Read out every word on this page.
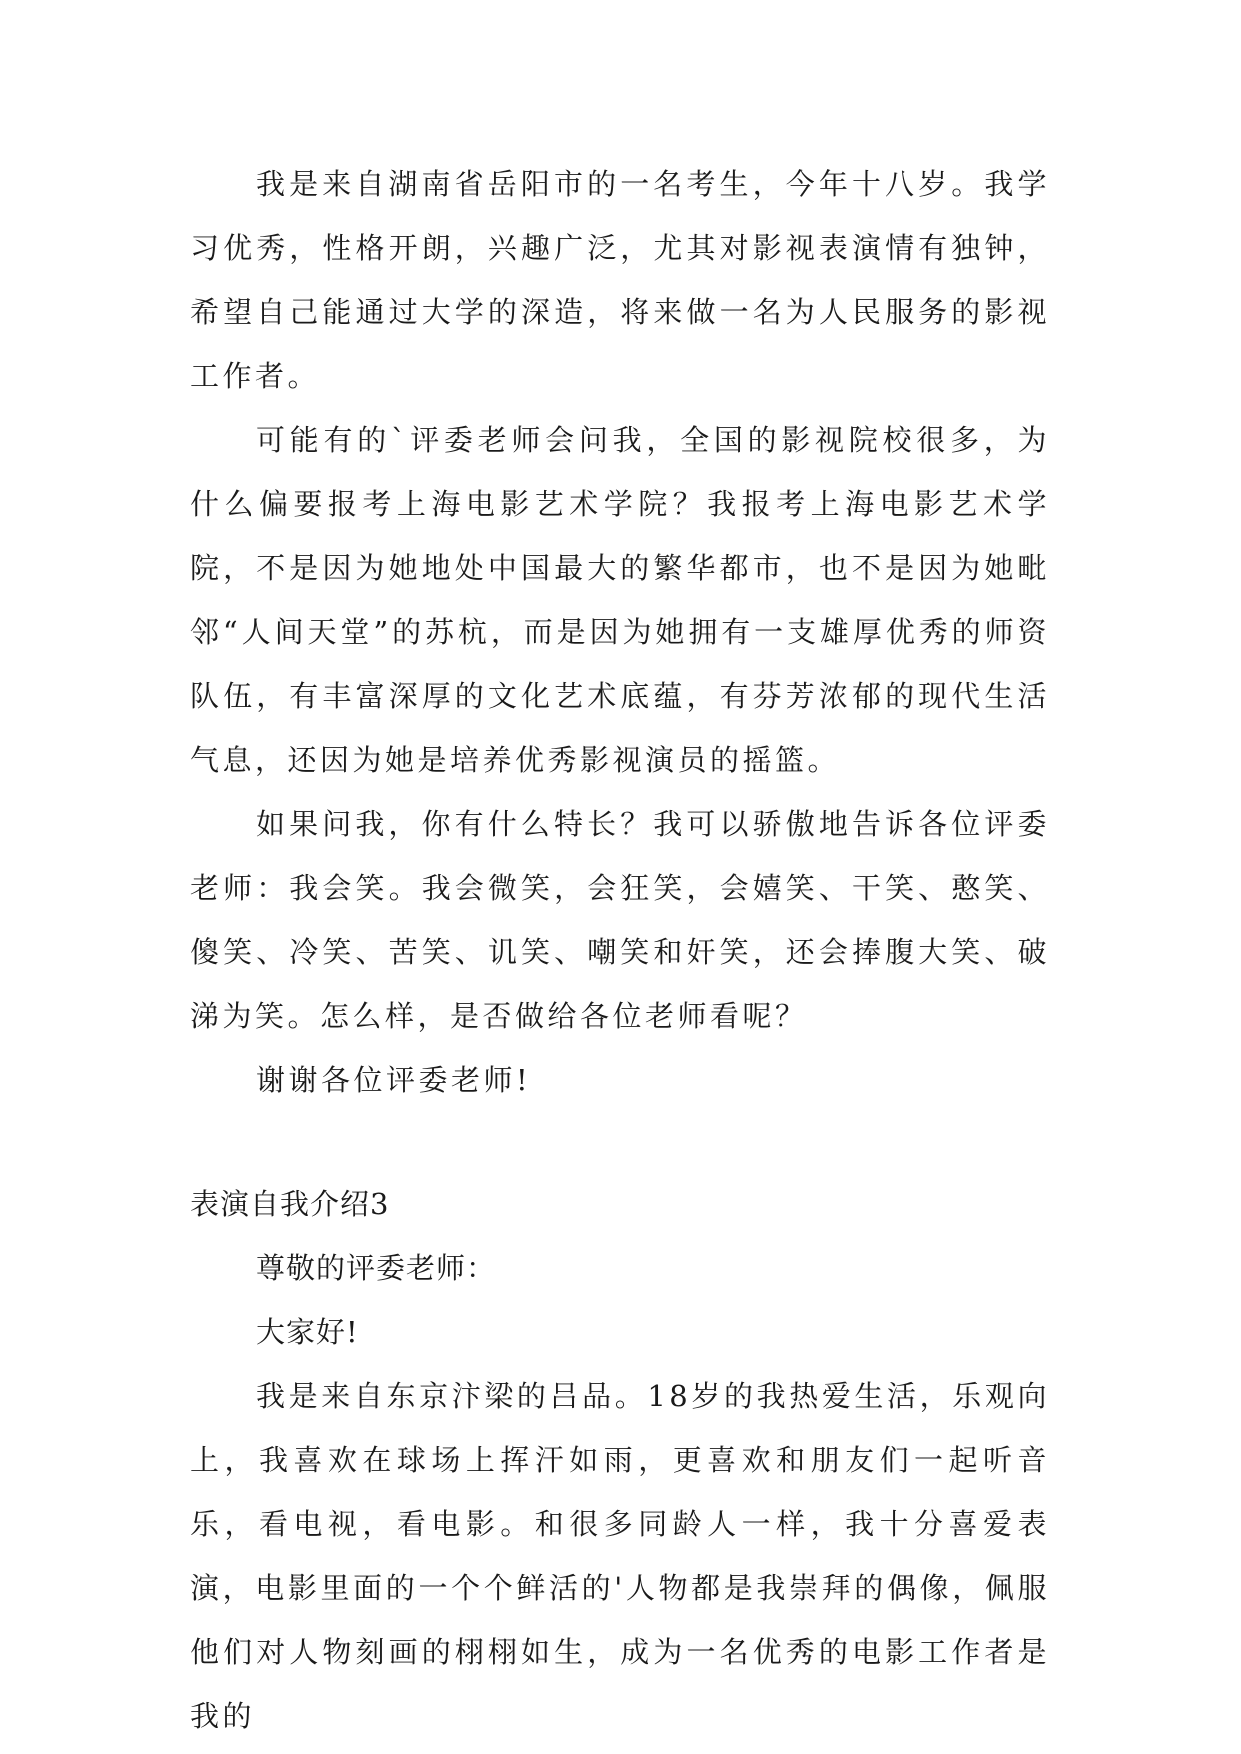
我是来自湖南省岳阳市的一名考生，今年十八岁。我学习优秀，性格开朗，兴趣广泛，尤其对影视表演情有独钟，希望自己能通过大学的深造，将来做一名为人民服务的影视工作者。

可能有的`评委老师会问我，全国的影视院校很多，为什么偏要报考上海电影艺术学院？我报考上海电影艺术学院，不是因为她地处中国最大的繁华都市，也不是因为她毗邻“人间天堂”的苏杭，而是因为她拥有一支雄厚优秀的师资队伍，有丰富深厚的文化艺术底蕴，有芬芳浓郁的现代生活气息，还因为她是培养优秀影视演员的摇篮。

如果问我，你有什么特长？我可以骄傲地告诉各位评委老师：我会笑。我会微笑，会狂笑，会嬉笑、干笑、憨笑、傻笑、冷笑、苦笑、讥笑、嘲笑和奸笑，还会捧腹大笑、破涕为笑。怎么样，是否做给各位老师看呢？

谢谢各位评委老师!

表演自我介绍3

尊敬的评委老师：

大家好!

我是来自东京汴梁的吕品。18岁的我热爱生活，乐观向上，我喜欢在球场上挥汗如雨，更喜欢和朋友们一起听音乐，看电视，看电影。和很多同龄人一样，我十分喜爱表演，电影里面的一个个鲜活的'人物都是我崇拜的偶像，佩服他们对人物刻画的栩栩如生，成为一名优秀的电影工作者是我的
